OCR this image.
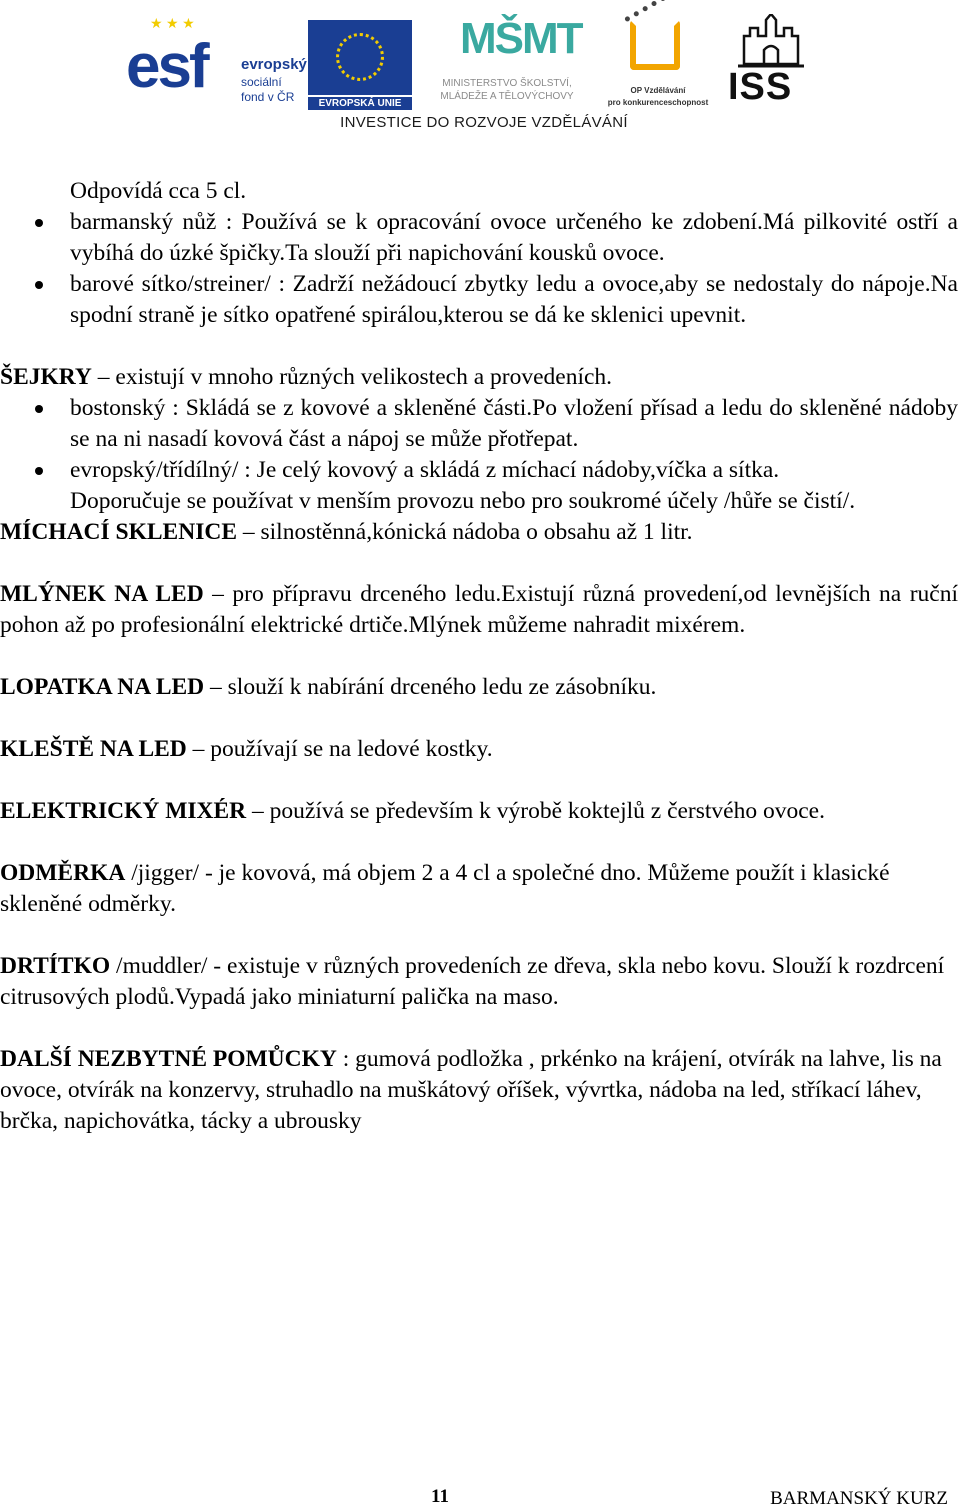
★ ★ ★
esf evropský
sociální
fond v ČR	EVROPSKÁ UNIE
MŠMT
MINISTERSTVO ŠKOLSTVÍ,
MLÁDEŽE A TĚLOVÝCHOVY
OP Vzdělávání
pro konkurenceschopnost ISS
INVESTICE DO ROZVOJE VZDĚLÁVÁNÍ

Odpovídá cca 5 cl.

barmanský nůž : Používá se k opracování ovoce určeného ke zdobení.Má pilkovité ostří a vybíhá do úzké špičky.Ta slouží při napichování kousků ovoce.

barové sítko/streiner/ : Zadrží nežádoucí zbytky ledu a ovoce,aby se nedostaly do nápoje.Na spodní straně je sítko opatřené spirálou,kterou se dá ke sklenici upevnit.

ŠEJKRY – existují v mnoho různých velikostech a provedeních.

bostonský : Skládá se z kovové a skleněné části.Po vložení přísad a ledu do skleněné nádoby se na ni nasadí kovová část a nápoj se může přotřepat.

evropský/třídílný/ : Je celý kovový a skládá z míchací nádoby,víčka a sítka.

Doporučuje se používat v menším provozu nebo pro soukromé účely /hůře se čistí/.

MÍCHACÍ SKLENICE – silnostěnná,kónická nádoba o obsahu až 1 litr.

MLÝNEK NA LED – pro přípravu drceného ledu.Existují různá provedení,od levnějších na ruční pohon až po profesionální elektrické drtiče.Mlýnek můžeme nahradit mixérem.

LOPATKA NA LED – slouží k nabírání drceného ledu ze zásobníku.

KLEŠTĚ NA LED – používají se na ledové kostky.

ELEKTRICKÝ MIXÉR – používá se především k výrobě koktejlů z čerstvého ovoce.

ODMĚRKA /jigger/ - je kovová, má objem 2 a 4 cl a společné dno. Můžeme použít i klasické skleněné odměrky.

DRTÍTKO /muddler/ - existuje v různých provedeních ze dřeva, skla nebo kovu. Slouží k rozdrcení citrusových plodů.Vypadá jako miniaturní palička na maso.

DALŠÍ NEZBYTNÉ POMŮCKY : gumová podložka , prkénko na krájení, otvírák na lahve, lis na ovoce, otvírák na konzervy, struhadlo na muškátový oříšek, vývrtka, nádoba na led, stříkací láhev, brčka, napichovátka, tácky a ubrousky

11	BARMANSKÝ KURZ
